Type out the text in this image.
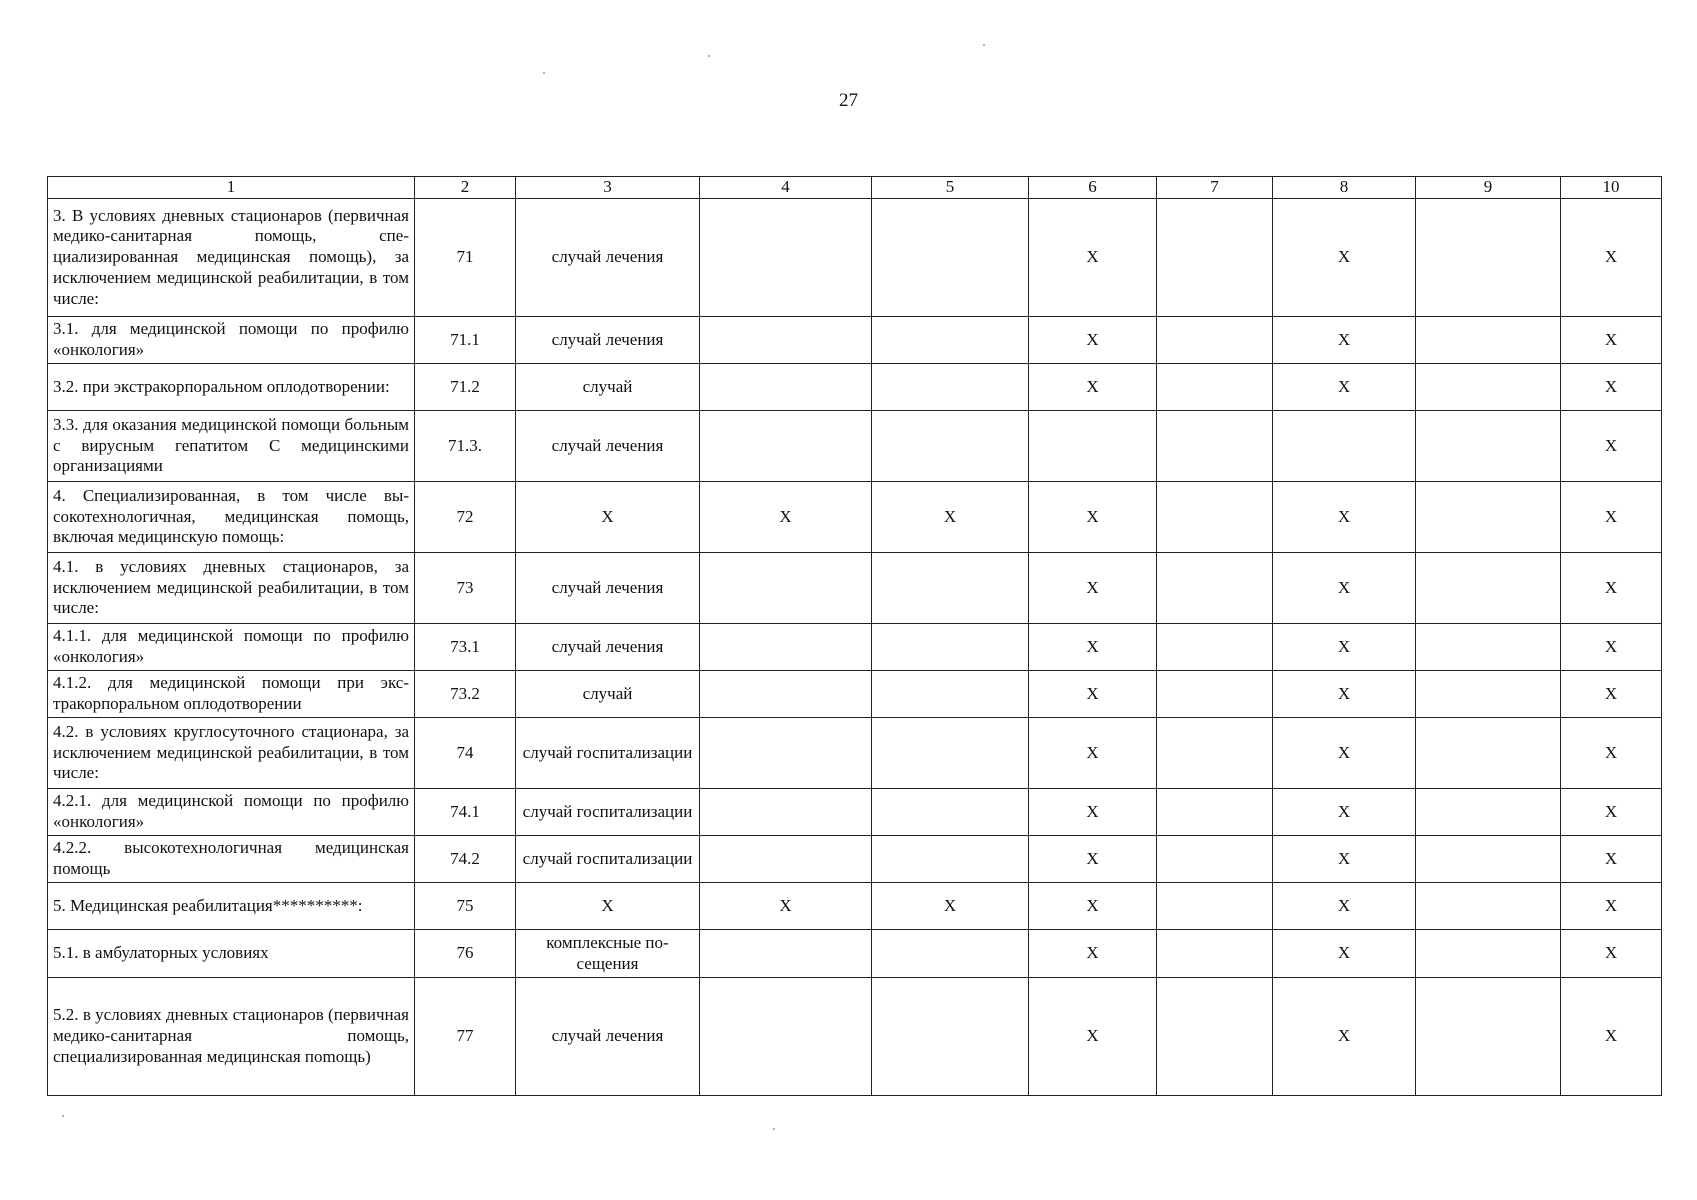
27
1	2	3	4	5	6	7	8	9	10
3. В условиях дневных стационаров (первичная медико-санитарная помощь, специализированная медицинская помощь), за исключением медицинской реабилитации, в том числе:	71	случай лечения			X		X		X
3.1. для медицинской помощи по профилю «онкология»	71.1	случай лечения			X		X		X
3.2. при экстракорпоральном оплодотворении:	71.2	случай			X		X		X
3.3. для оказания медицинской помощи больным с вирусным гепатитом С медицинскими организациями	71.3.	случай лечения							X
4. Специализированная, в том числе высокотехнологичная, медицинская помощь, включая медицинскую помощь:	72	X	X	X	X		X		X
4.1. в условиях дневных стационаров, за исключением медицинской реабилитации, в том числе:	73	случай лечения			X		X		X
4.1.1. для медицинской помощи по профилю «онкология»	73.1	случай лечения			X		X		X
4.1.2. для медицинской помощи при экстракорпоральном оплодотворении	73.2	случай			X		X		X
4.2. в условиях круглосуточного стационара, за исключением медицинской реабилитации, в том числе:	74	случай госпитализации			X		X		X
4.2.1. для медицинской помощи по профилю «онкология»	74.1	случай госпитализации			X		X		X
4.2.2. высокотехнологичная медицинская помощь	74.2	случай госпитализации			X		X		X
5. Медицинская реабилитация**********:	75	X	X	X	X		X		X
5.1. в амбулаторных условиях	76	комплексные посещения			X		X		X
5.2. в условиях дневных стационаров (первичная медико-санитарная помощь, специализированная медицинская поmощь)	77	случай лечения			X		X		X
